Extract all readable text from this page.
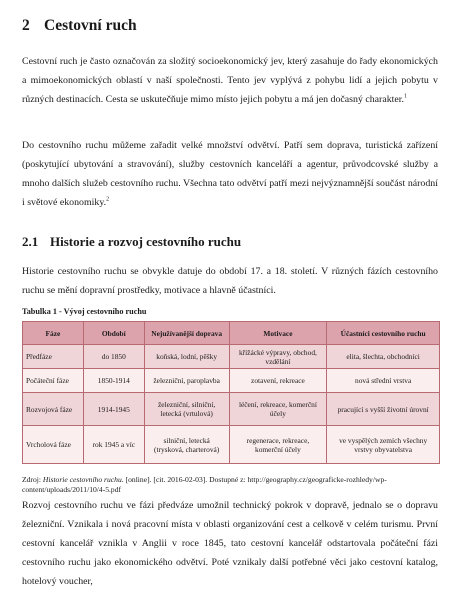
2 Cestovní ruch

Cestovní ruch je často označován za složitý socioekonomický jev, který zasahuje do řady ekonomických a mimoekonomických oblastí v naší společnosti. Tento jev vyplývá z pohybu lidí a jejich pobytu v různých destinacích. Cesta se uskutečňuje mimo místo jejich pobytu a má jen dočasný charakter.$^1$

Do cestovního ruchu můžeme zařadit velké množství odvětví. Patří sem doprava, turistická zařízení (poskytující ubytování a stravování), služby cestovních kanceláří a agentur, průvodcovské služby a mnoho dalších služeb cestovního ruchu. Všechna tato odvětví patří mezi nejvýznamnější součást národní i světové ekonomiky.$^2$

2.1 Historie a rozvoj cestovního ruchu

Historie cestovního ruchu se obvykle datuje do období 17. a 18. století. V různých fázích cestovního ruchu se mění dopravní prostředky, motivace a hlavně účastníci.

Tabulka 1 - Vývoj cestovního ruchu
Fáze	Období	Nejužívanější doprava	Motivace	Účastníci cestovního ruchu
Předfáze	do 1850	koňská, lodní, pěšky	křížácké výpravy, obchod, vzdělání	elita, šlechta, obchodníci
Počáteční fáze	1850-1914	železniční, paroplavba	zotavení, rekreace	nová střední vrstva
Rozvojová fáze	1914-1945	železniční, silniční, letecká (vrtulová)	léčení, rekreace, komerční účely	pracující s vyšší životní úrovní
Vrcholová fáze	rok 1945 a víc	silniční, letecká (trysková, charterová)	regenerace, rekreace, komerční účely	ve vyspělých zemích všechny vrstvy obyvatelstva
Zdroj: Historie cestovního ruchu. [online]. [cit. 2016-02-03]. Dostupné z: http://geography.cz/geograficke-rozhledy/wp-content/uploads/2011/10/4-5.pdf

Rozvoj cestovního ruchu ve fázi předváze umožnil technický pokrok v dopravě, jednalo se o dopravu železniční. Vznikala i nová pracovní místa v oblasti organizování cest a celkově v celém turismu. První cestovní kancelář vznikla v Anglii v roce 1845, tato cestovní kancelář odstartovala počáteční fázi cestovního ruchu jako ekonomického odvětví. Poté vznikaly další potřebné věci jako cestovní katalog, hotelový voucher,
